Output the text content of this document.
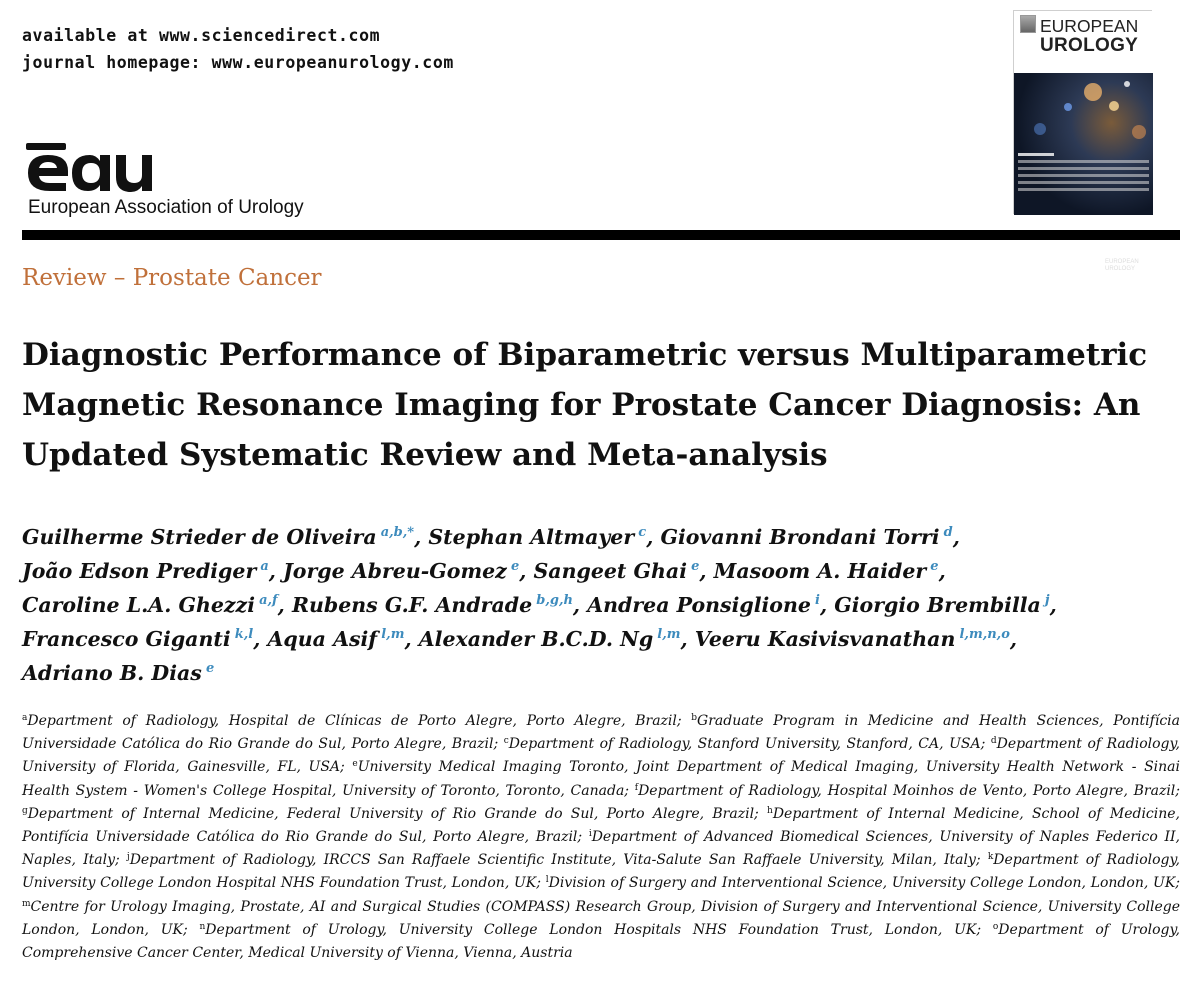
available at www.sciencedirect.com
journal homepage: www.europeanurology.com
European Association of Urology
EUROPEAN
UROLOGY
eau	EUROPEAN
UROLOGY
Review – Prostate Cancer
Diagnostic Performance of Biparametric versus Multiparametric
Magnetic Resonance Imaging for Prostate Cancer Diagnosis: An
Updated Systematic Review and Meta-analysis
Guilherme Strieder de Oliveira  $^{a,b,*}$, Stephan Altmayer  $^c$, Giovanni Brondani Torri  $^d$,
João Edson Prediger  $^a$, Jorge Abreu-Gomez  $^e$, Sangeet Ghai  $^e$, Masoom A. Haider  $^e$,
Caroline L.A. Ghezzi  $^{a,f}$, Rubens G.F. Andrade  $^{b,g,h}$, Andrea Ponsiglione  $^i$, Giorgio Brembilla  $^j$,
Francesco Giganti  $^{k,l}$, Aqua Asif  $^{l,m}$, Alexander B.C.D. Ng  $^{l,m}$, Veeru Kasivisvanathan  $^{l,m,n,o}$,
Adriano B. Dias  $^e$
$^a$Department of Radiology, Hospital de Clínicas de Porto Alegre, Porto Alegre, Brazil; $^b$Graduate Program in Medicine and Health Sciences, Pontifícia
Universidade Católica do Rio Grande do Sul, Porto Alegre, Brazil; $^c$Department of Radiology, Stanford University, Stanford, CA, USA; $^d$Department of Radiology,
University of Florida, Gainesville, FL, USA; $^e$University Medical Imaging Toronto, Joint Department of Medical Imaging, University Health Network - Sinai
Health System - Women's College Hospital, University of Toronto, Toronto, Canada; $^f$Department of Radiology, Hospital Moinhos de Vento, Porto Alegre, Brazil;
$^g$Department of Internal Medicine, Federal University of Rio Grande do Sul, Porto Alegre, Brazil; $^h$Department of Internal Medicine, School of Medicine,
Pontifícia Universidade Católica do Rio Grande do Sul, Porto Alegre, Brazil; $^i$Department of Advanced Biomedical Sciences, University of Naples Federico II,
Naples, Italy; $^j$Department of Radiology, IRCCS San Raffaele Scientific Institute, Vita-Salute San Raffaele University, Milan, Italy; $^k$Department of Radiology,
University College London Hospital NHS Foundation Trust, London, UK; $^l$Division of Surgery and Interventional Science, University College London, London, UK;
$^m$Centre for Urology Imaging, Prostate, AI and Surgical Studies (COMPASS) Research Group, Division of Surgery and Interventional Science, University College
London, London, UK; $^n$Department of Urology, University College London Hospitals NHS Foundation Trust, London, UK; $^o$Department of Urology,
Comprehensive Cancer Center, Medical University of Vienna, Vienna, Austria
